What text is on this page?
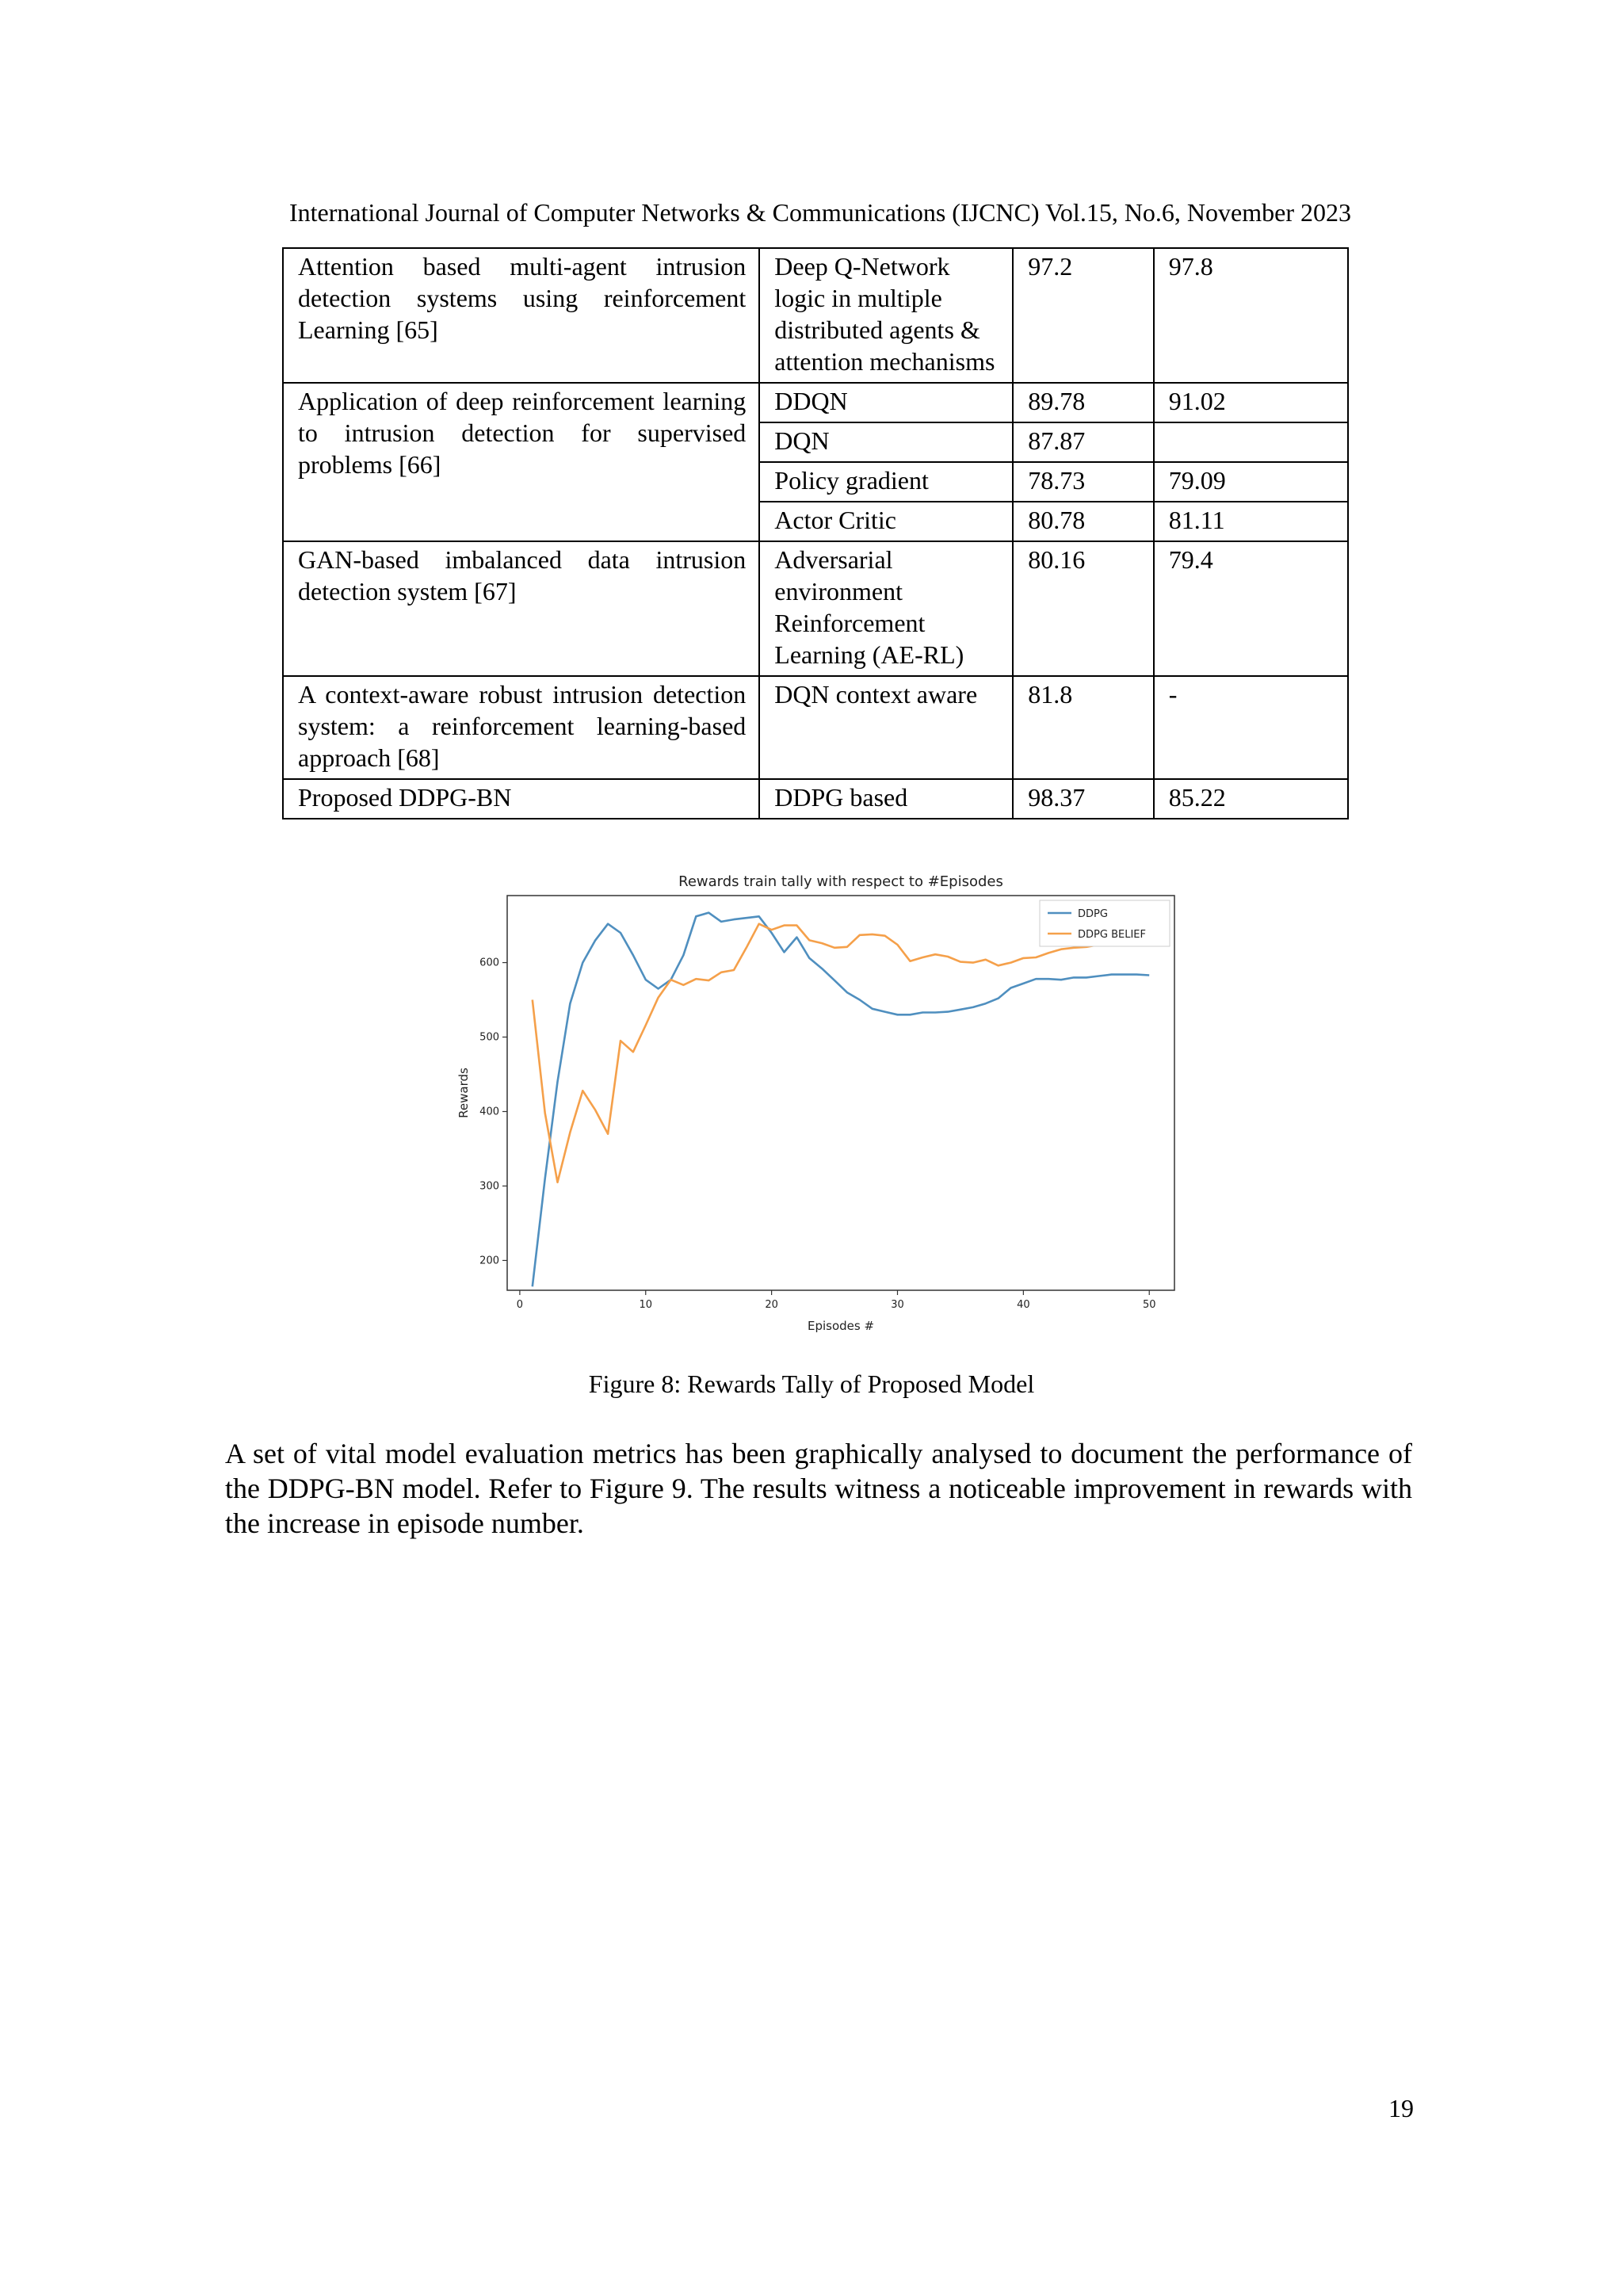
International Journal of Computer Networks & Communications (IJCNC) Vol.15, No.6, November 2023
Attention based multi-agent intrusion detection systems using reinforcement Learning [65]	Deep Q-Network logic in multiple distributed agents & attention mechanisms	97.2	97.8
Application of deep reinforcement learning to intrusion detection for supervised problems [66]	DDQN	89.78	91.02
	DQN	87.87	
	Policy gradient	78.73	79.09
	Actor Critic	80.78	81.11
GAN-based imbalanced data intrusion detection system [67]	Adversarial environment Reinforcement Learning (AE-RL)	80.16	79.4
A context-aware robust intrusion detection system: a reinforcement learning-based approach [68]	DQN context aware	81.8	-
Proposed DDPG-BN	DDPG based	98.37	85.22
Rewards train tally with respect to #Episodes
0	10	20	30	40	50
200
300
400
500
600
Episodes #
Rewards
DDPG
DDPG BELIEF
Figure 8: Rewards Tally of Proposed Model
A set of vital model evaluation metrics has been graphically analysed to document the performance of the DDPG-BN model. Refer to Figure 9. The results witness a noticeable improvement in rewards with the increase in episode number.
19
